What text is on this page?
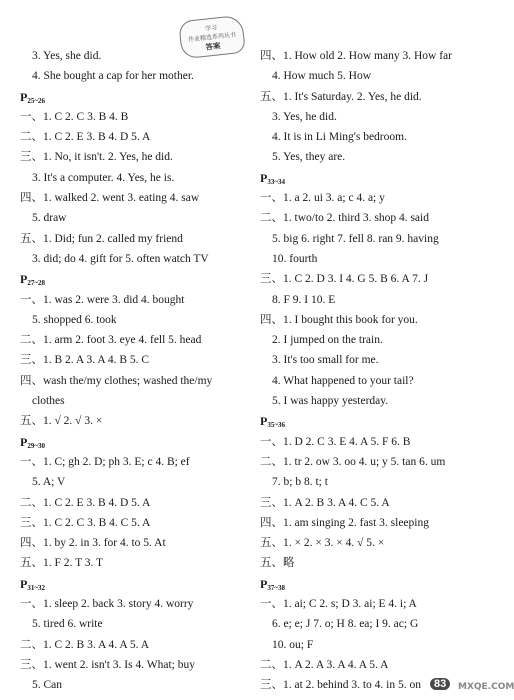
学习
作业精选系列丛书
答案
3. Yes, she did.
4. She bought a cap for her mother.
$P_{25\sim 26}$
一、1. C 2. C 3. B 4. B
二、1. C 2. E 3. B 4. D 5. A
三、1. No, it isn't. 2. Yes, he did.
3. It's a computer. 4. Yes, he is.
四、1. walked 2. went 3. eating 4. saw
5. draw
五、1. Did; fun 2. called my friend
3. did; do 4. gift for 5. often watch TV
$P_{27\sim 28}$
一、1. was 2. were 3. did 4. bought
5. shopped 6. took
二、1. arm 2. foot 3. eye 4. fell 5. head
三、1. B 2. A 3. A 4. B 5. C
四、wash the/my clothes; washed the/my
clothes
五、1. √ 2. √ 3. ×
$P_{29\sim 30}$
一、1. C; gh 2. D; ph 3. E; c 4. B; ef
5. A; V
二、1. C 2. E 3. B 4. D 5. A
三、1. C 2. C 3. B 4. C 5. A
四、1. by 2. in 3. for 4. to 5. At
五、1. F 2. T 3. T
$P_{31\sim 32}$
一、1. sleep 2. back 3. story 4. worry
5. tired 6. write
二、1. C 2. B 3. A 4. A 5. A
三、1. went 2. isn't 3. Is 4. What; buy
5. Can
四、1. How old 2. How many 3. How far
4. How much 5. How
五、1. It's Saturday. 2. Yes, he did.
3. Yes, he did.
4. It is in Li Ming's bedroom.
5. Yes, they are.
$P_{33\sim 34}$
一、1. a 2. ui 3. a; c 4. a; y
二、1. two/to 2. third 3. shop 4. said
5. big 6. right 7. fell 8. ran 9. having
10. fourth
三、1. C 2. D 3. I 4. G 5. B 6. A 7. J
8. F 9. I 10. E
四、1. I bought this book for you.
2. I jumped on the train.
3. It's too small for me.
4. What happened to your tail?
5. I was happy yesterday.
$P_{35\sim 36}$
一、1. D 2. C 3. E 4. A 5. F 6. B
二、1. tr 2. ow 3. oo 4. u; y 5. tan 6. um
7. b; b 8. t; t
三、1. A 2. B 3. A 4. C 5. A
四、1. am singing 2. fast 3. sleeping
五、1. × 2. × 3. × 4. √ 5. ×
五、略
$P_{37\sim 38}$
一、1. ai; C 2. s; D 3. ai; E 4. i; A
6. e; e; J 7. o; H 8. ea; I 9. ac; G
10. ou; F
二、1. A 2. A 3. A 4. A 5. A
三、1. at 2. behind 3. to 4. in 5. on	83	MXQE.COM
